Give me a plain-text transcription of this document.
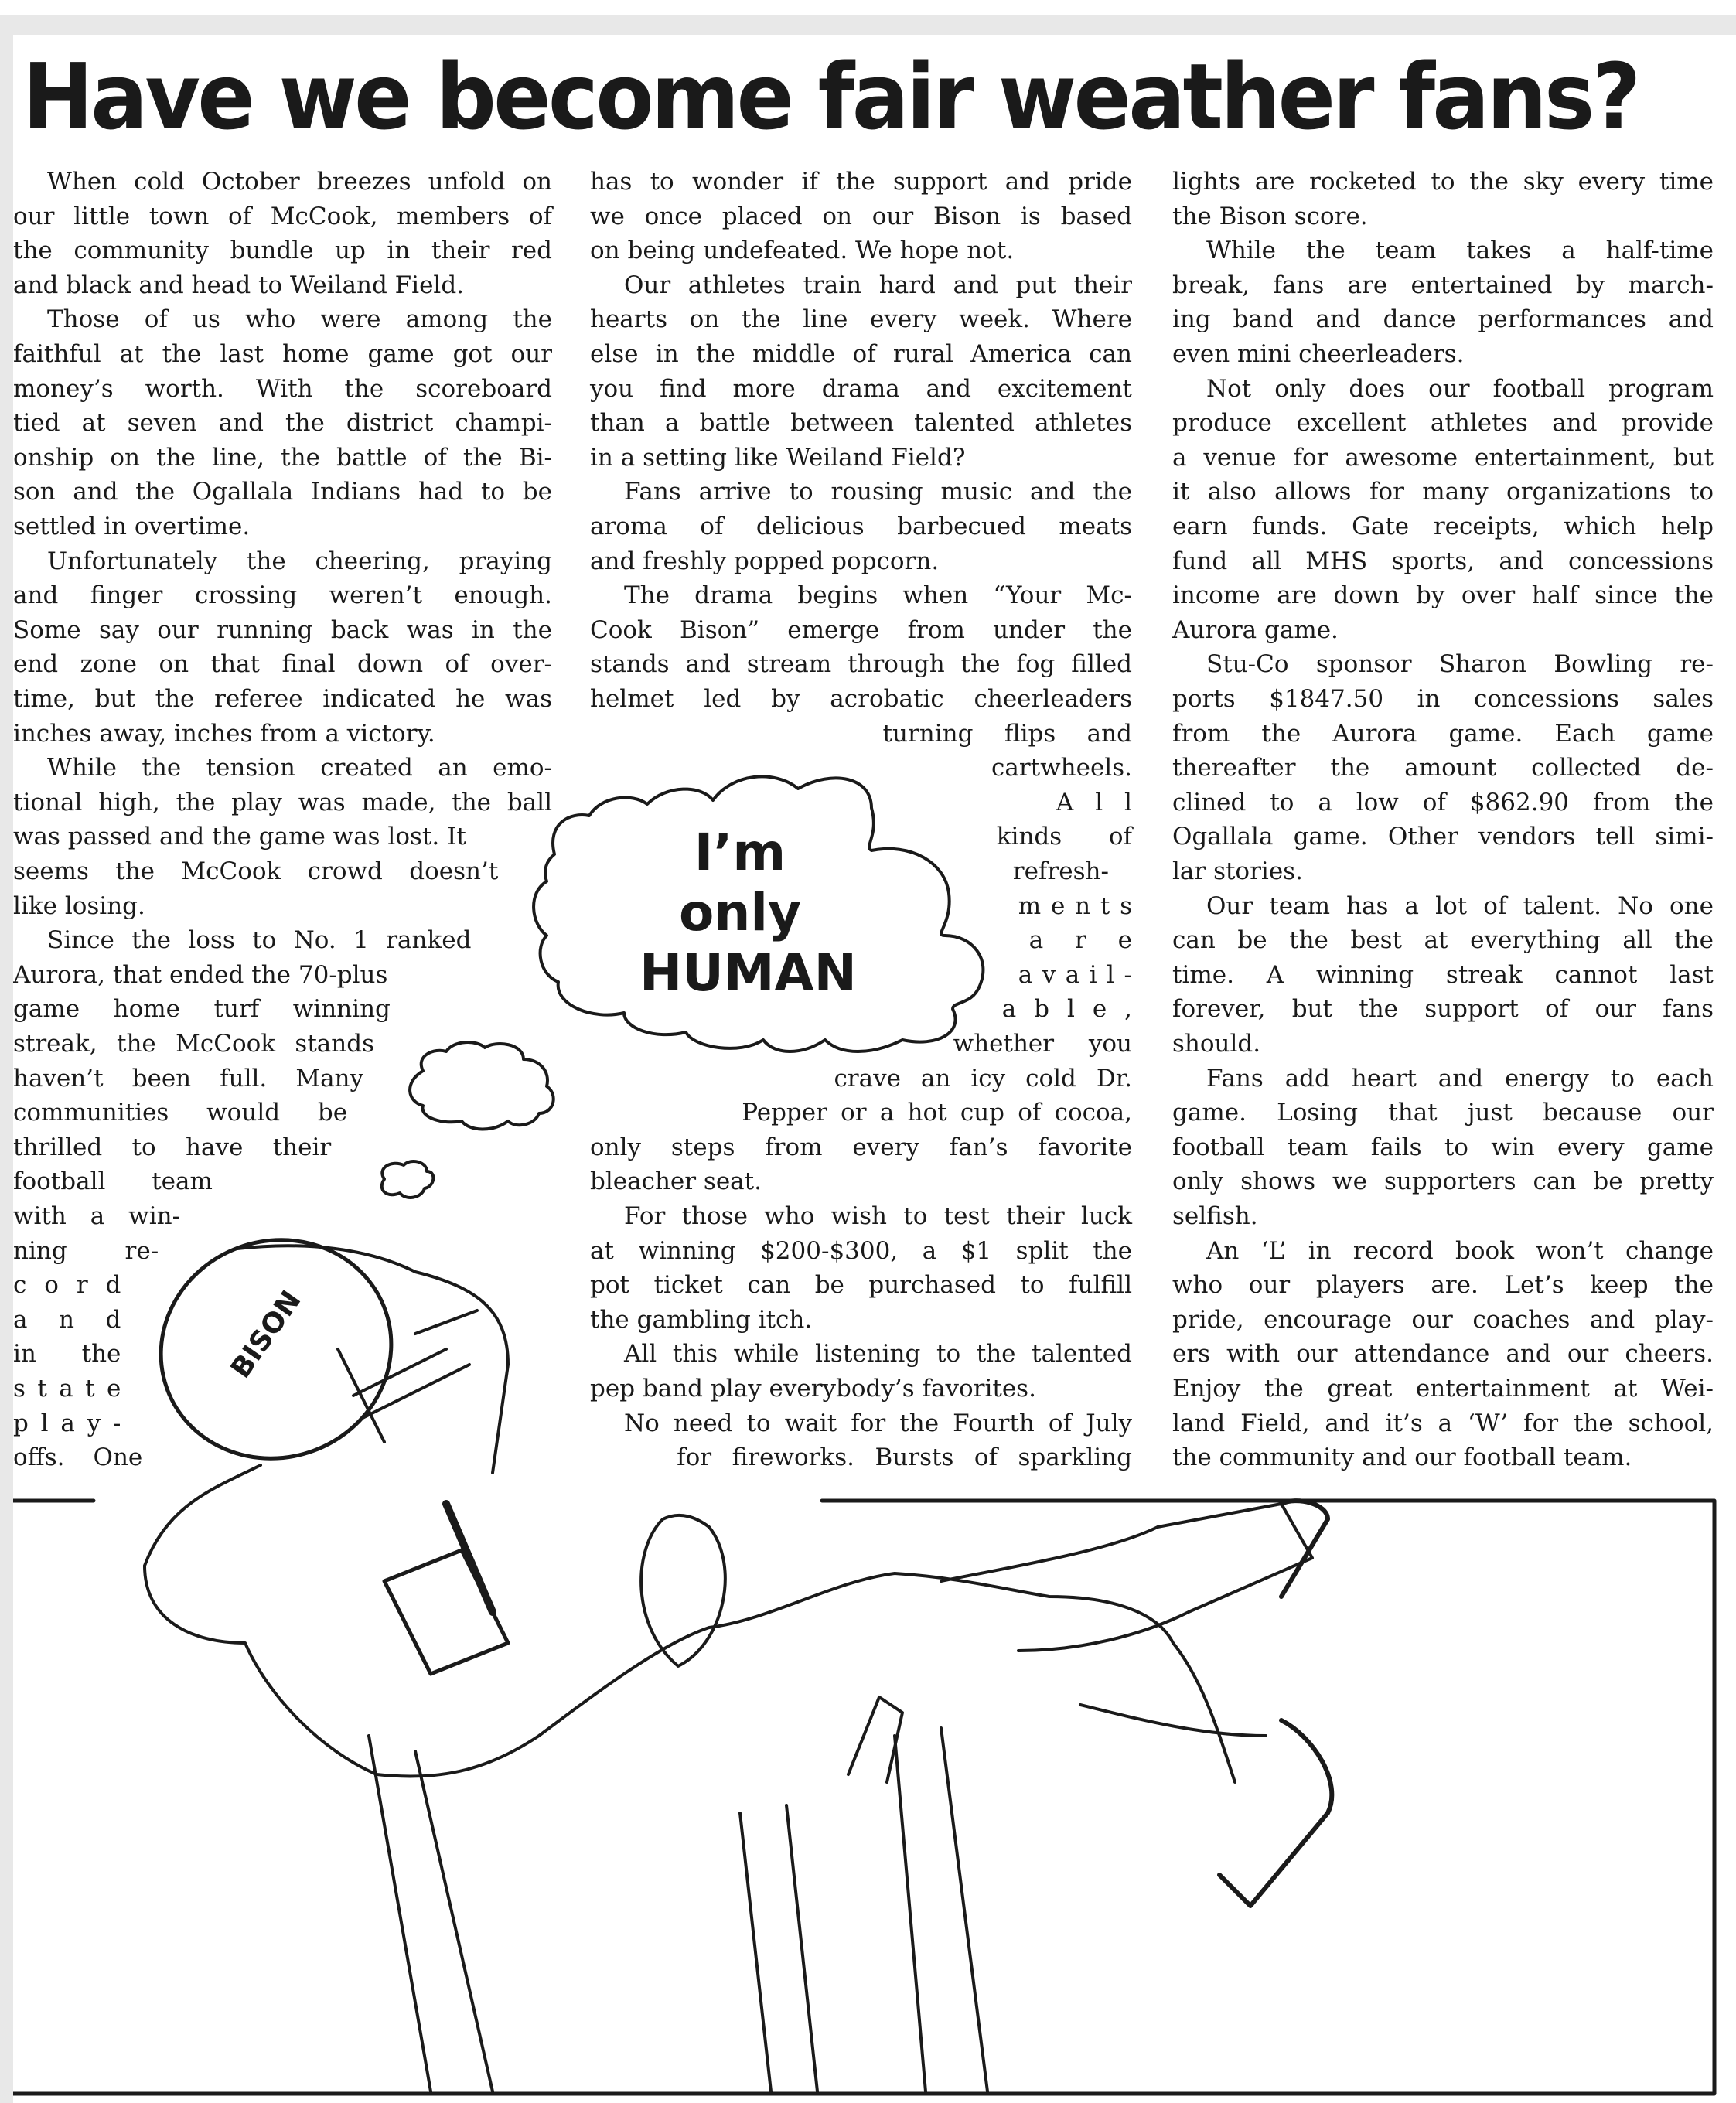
Have we become fair weather fans?
BISON
I’m
only
HUMAN
When cold October breezes unfold on
our little town of McCook, members of
the community bundle up in their red
and black and head to Weiland Field.
Those of us who were among the
faithful at the last home game got our
money’s worth. With the scoreboard
tied at seven and the district champi-
onship on the line, the battle of the Bi-
son and the Ogallala Indians had to be
settled in overtime.
Unfortunately the cheering, praying
and finger crossing weren’t enough.
Some say our running back was in the
end zone on that final down of over-
time, but the referee indicated he was
inches away, inches from a victory.
While the tension created an emo-
tional high, the play was made, the ball
was passed and the game was lost. It
seems the McCook crowd doesn’t
like losing.
Since the loss to No. 1 ranked
Aurora, that ended the 70-plus
game home turf winning
streak, the McCook stands
haven’t been full. Many
communities would be
thrilled to have their
football team
with a win-
ning re-
c o r d
a n d
in the
s t a t e
p l a y -
offs. One
has to wonder if the support and pride
we once placed on our Bison is based
on being undefeated. We hope not.
Our athletes train hard and put their
hearts on the line every week. Where
else in the middle of rural America can
you find more drama and excitement
than a battle between talented athletes
in a setting like Weiland Field?
Fans arrive to rousing music and the
aroma of delicious barbecued meats
and freshly popped popcorn.
The drama begins when “Your Mc-
Cook Bison” emerge from under the
stands and stream through the fog filled
helmet led by acrobatic cheerleaders
turning flips and
cartwheels.
A l l
kinds of
refresh-
m e n t s
a r e
a v a i l -
a b l e ,
whether you
crave an icy cold Dr.
Pepper or a hot cup of cocoa,
only steps from every fan’s favorite
bleacher seat.
For those who wish to test their luck
at winning $200-$300, a $1 split the
pot ticket can be purchased to fulfill
the gambling itch.
All this while listening to the talented
pep band play everybody’s favorites.
No need to wait for the Fourth of July
for fireworks. Bursts of sparkling
lights are rocketed to the sky every time
the Bison score.
While the team takes a half-time
break, fans are entertained by march-
ing band and dance performances and
even mini cheerleaders.
Not only does our football program
produce excellent athletes and provide
a venue for awesome entertainment, but
it also allows for many organizations to
earn funds. Gate receipts, which help
fund all MHS sports, and concessions
income are down by over half since the
Aurora game.
Stu-Co sponsor Sharon Bowling re-
ports $1847.50 in concessions sales
from the Aurora game. Each game
thereafter the amount collected de-
clined to a low of $862.90 from the
Ogallala game. Other vendors tell simi-
lar stories.
Our team has a lot of talent. No one
can be the best at everything all the
time. A winning streak cannot last
forever, but the support of our fans
should.
Fans add heart and energy to each
game. Losing that just because our
football team fails to win every game
only shows we supporters can be pretty
selfish.
An ‘L’ in record book won’t change
who our players are. Let’s keep the
pride, encourage our coaches and play-
ers with our attendance and our cheers.
Enjoy the great entertainment at Wei-
land Field, and it’s a ‘W’ for the school,
the community and our football team.
